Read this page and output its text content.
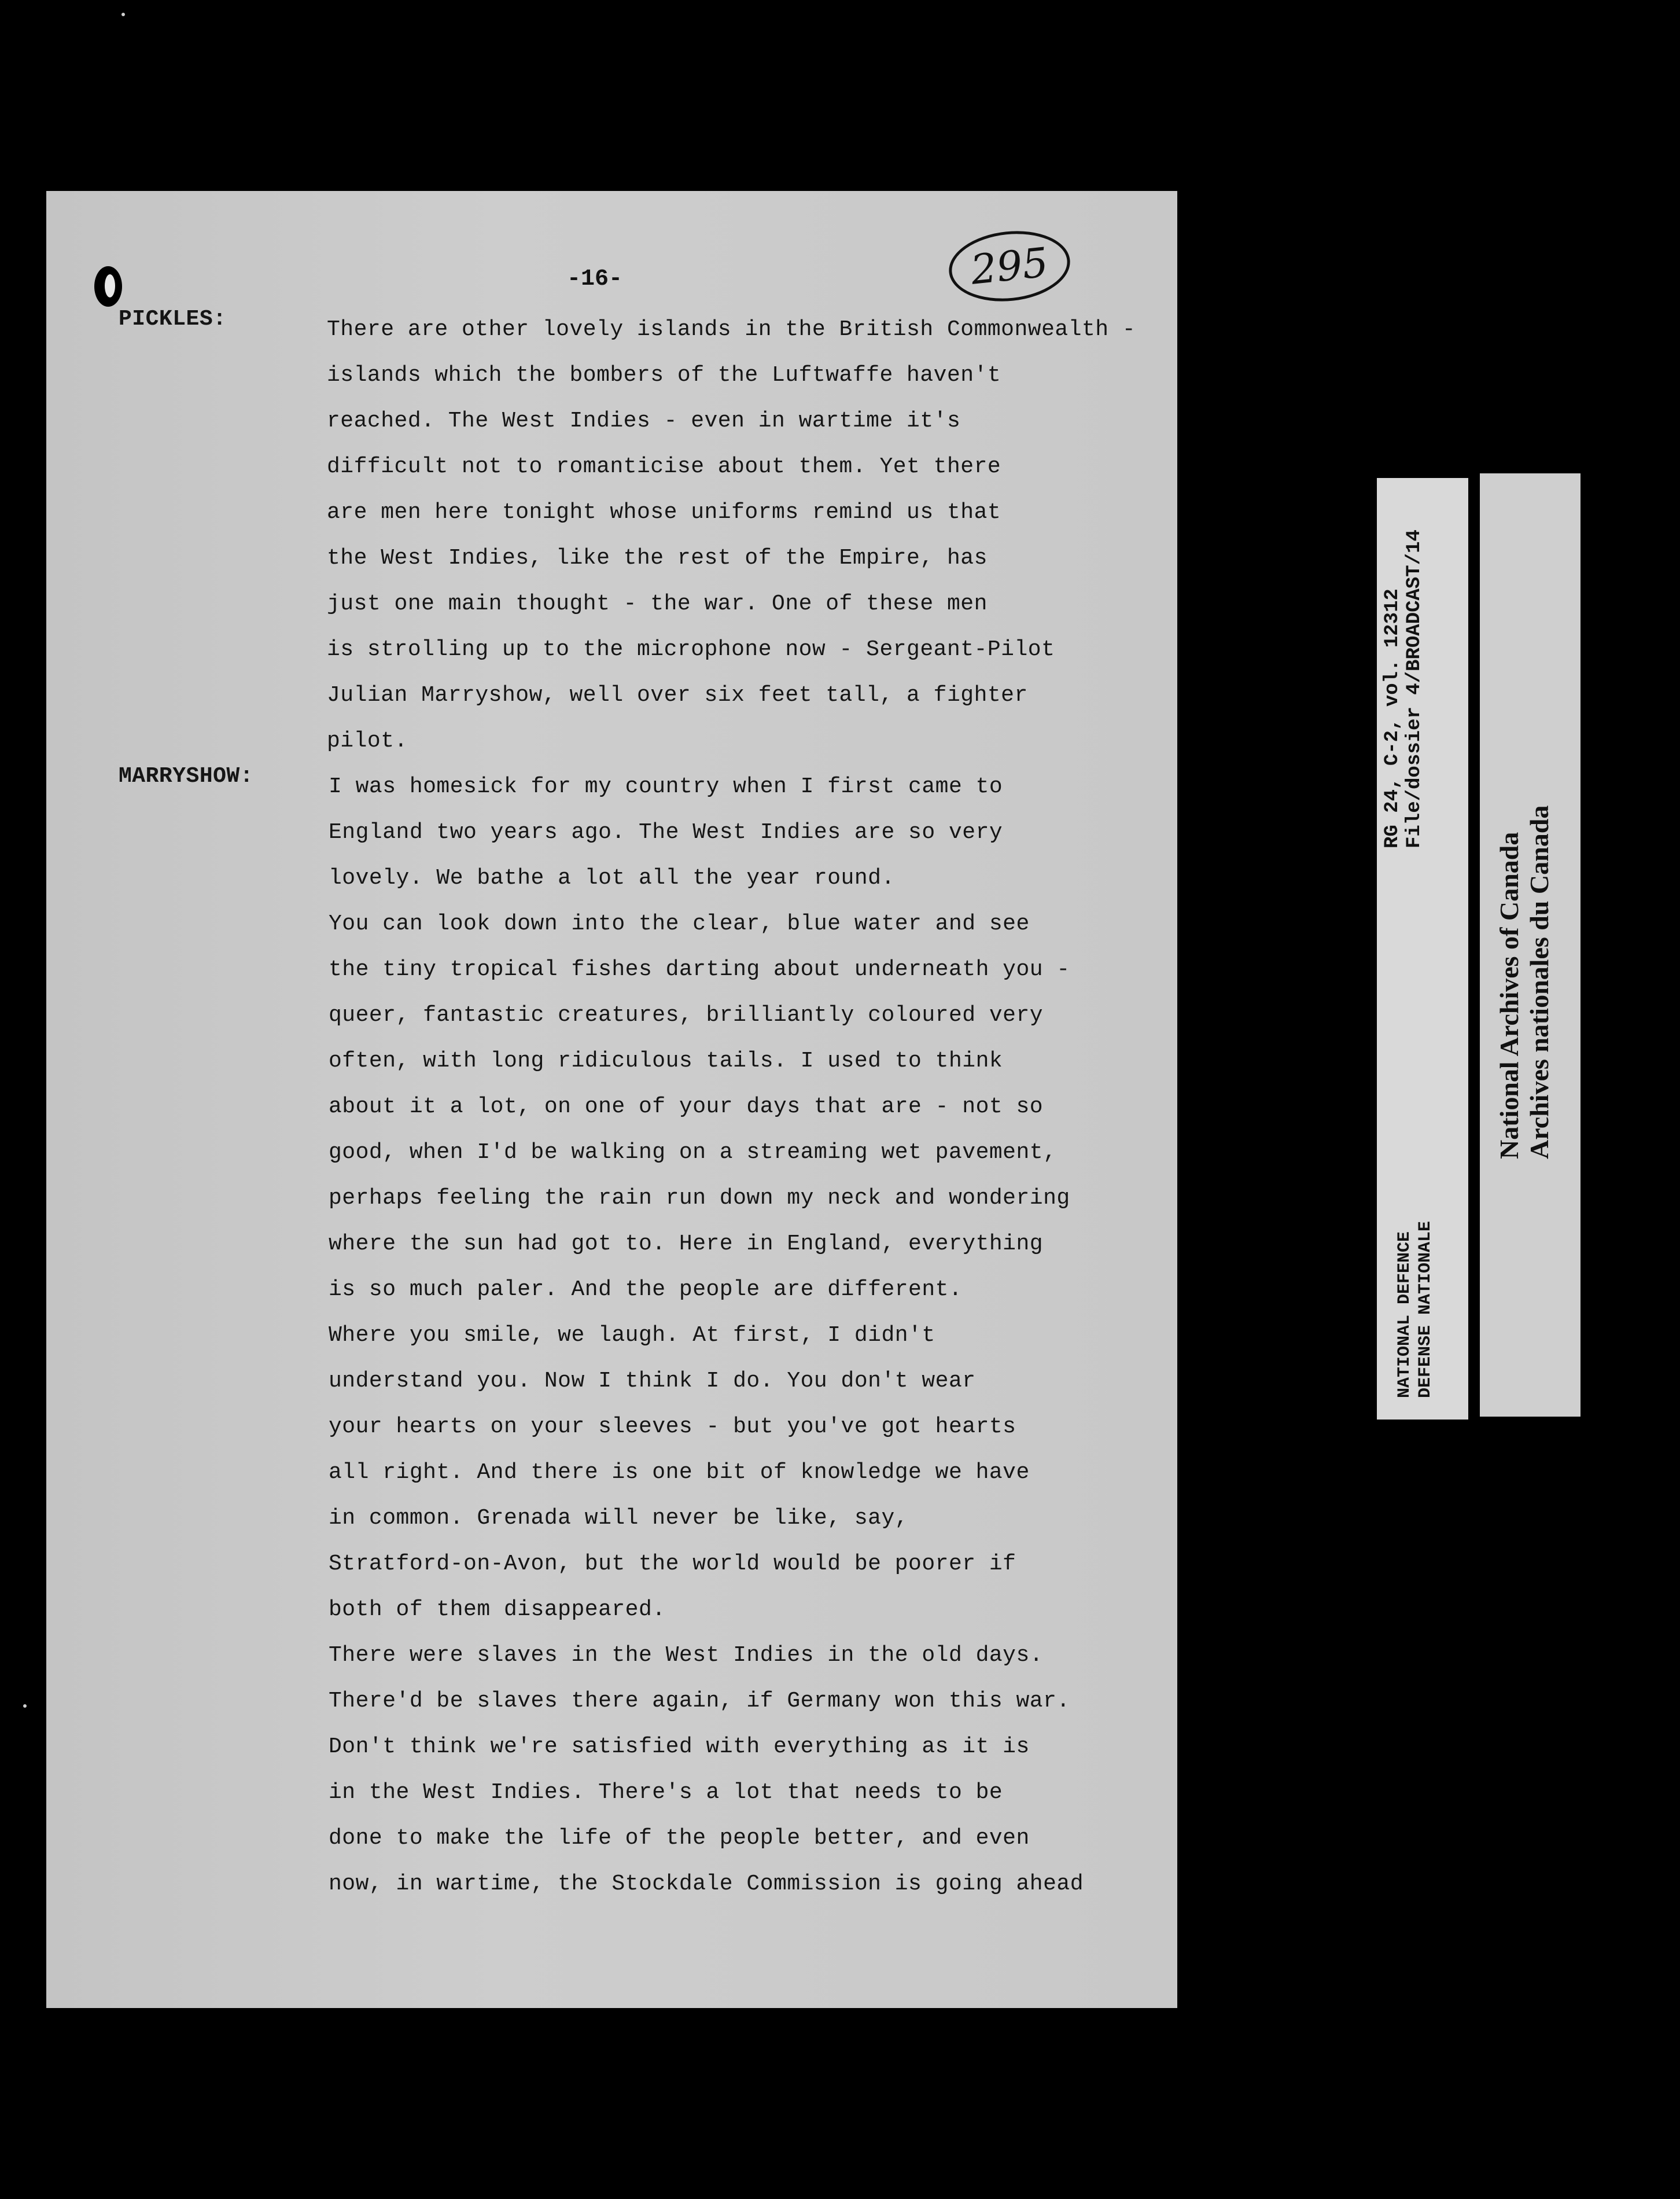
-16-	295
PICKLES:	There are other lovely islands in the British Commonwealth -
islands which the bombers of the Luftwaffe haven't
reached. The West Indies - even in wartime it's
difficult not to romanticise about them. Yet there
are men here tonight whose uniforms remind us that
the West Indies, like the rest of the Empire, has
just one main thought - the war. One of these men
is strolling up to the microphone now - Sergeant-Pilot
Julian Marryshow, well over six feet tall, a fighter
pilot.
MARRYSHOW:	I was homesick for my country when I first came to
England two years ago. The West Indies are so very
lovely. We bathe a lot all the year round.
You can look down into the clear, blue water and see
the tiny tropical fishes darting about underneath you -
queer, fantastic creatures, brilliantly coloured very
often, with long ridiculous tails. I used to think
about it a lot, on one of your days that are - not so
good, when I'd be walking on a streaming wet pavement,
perhaps feeling the rain run down my neck and wondering
where the sun had got to. Here in England, everything
is so much paler. And the people are different.
Where you smile, we laugh. At first, I didn't
understand you. Now I think I do. You don't wear
your hearts on your sleeves - but you've got hearts
all right. And there is one bit of knowledge we have
in common. Grenada will never be like, say,
Stratford-on-Avon, but the world would be poorer if
both of them disappeared.
There were slaves in the West Indies in the old days.
There'd be slaves there again, if Germany won this war.
Don't think we're satisfied with everything as it is
in the West Indies. There's a lot that needs to be
done to make the life of the people better, and even
now, in wartime, the Stockdale Commission is going ahead
RG 24, C-2, vol. 12312 File/dossier 4/BROADCAST/14
NATIONAL DEFENCE DEFENSE NATIONALE
National Archives of Canada Archives nationales du Canada
